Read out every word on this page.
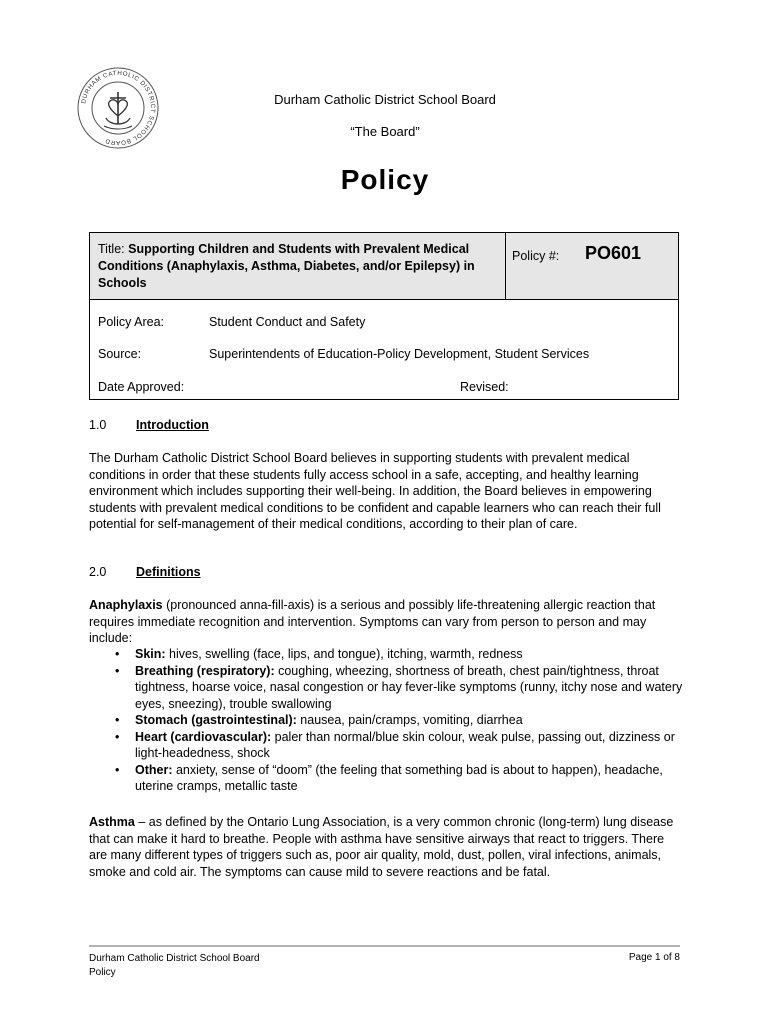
DURHAM CATHOLIC DISTRICT SCHOOL BOARD
Durham Catholic District School Board
“The Board”
Policy
Title: Supporting Children and Students with Prevalent Medical Conditions (Anaphylaxis, Asthma, Diabetes, and/or Epilepsy) in Schools
Policy #: PO601
Policy Area:	Student Conduct and Safety
Source:	Superintendents of Education-Policy Development, Student Services
Date Approved:	Revised:
1.0 Introduction
The Durham Catholic District School Board believes in supporting students with prevalent medical conditions in order that these students fully access school in a safe, accepting, and healthy learning environment which includes supporting their well-being. In addition, the Board believes in empowering students with prevalent medical conditions to be confident and capable learners who can reach their full potential for self-management of their medical conditions, according to their plan of care.
2.0 Definitions
Anaphylaxis (pronounced anna-fill-axis) is a serious and possibly life-threatening allergic reaction that requires immediate recognition and intervention. Symptoms can vary from person to person and may include:
• Skin: hives, swelling (face, lips, and tongue), itching, warmth, redness
• Breathing (respiratory): coughing, wheezing, shortness of breath, chest pain/tightness, throat tightness, hoarse voice, nasal congestion or hay fever-like symptoms (runny, itchy nose and watery eyes, sneezing), trouble swallowing
• Stomach (gastrointestinal): nausea, pain/cramps, vomiting, diarrhea
• Heart (cardiovascular): paler than normal/blue skin colour, weak pulse, passing out, dizziness or light-headedness, shock
• Other: anxiety, sense of “doom” (the feeling that something bad is about to happen), headache, uterine cramps, metallic taste
Asthma – as defined by the Ontario Lung Association, is a very common chronic (long-term) lung disease that can make it hard to breathe. People with asthma have sensitive airways that react to triggers. There are many different types of triggers such as, poor air quality, mold, dust, pollen, viral infections, animals, smoke and cold air. The symptoms can cause mild to severe reactions and be fatal.
Durham Catholic District School Board
Policy
Page 1 of 8
